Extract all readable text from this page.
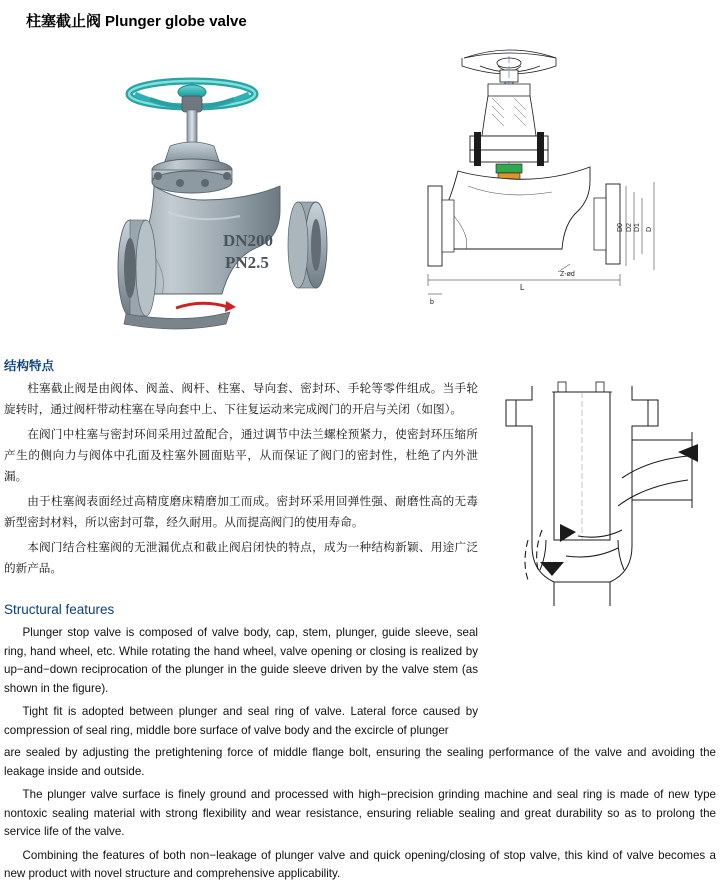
柱塞截止阀 Plunger globe valve
DN200
PN2.5
D0 D2 D1 D
L
b
Z-ød
结构特点

柱塞截止阀是由阀体、阀盖、阀杆、柱塞、导向套、密封环、手轮等零件组成。当手轮旋转时，通过阀杆带动柱塞在导向套中上、下往复运动来完成阀门的开启与关闭（如图）。

在阀门中柱塞与密封环间采用过盈配合，通过调节中法兰螺栓预紧力，使密封环压缩所产生的侧向力与阀体中孔面及柱塞外圆面贴平，从而保证了阀门的密封性，杜绝了内外泄漏。

由于柱塞阀表面经过高精度磨床精磨加工而成。密封环采用回弹性强、耐磨性高的无毒新型密封材料，所以密封可靠，经久耐用。从而提高阀门的使用寿命。

本阀门结合柱塞阀的无泄漏优点和截止阀启闭快的特点，成为一种结构新颖、用途广泛的新产品。

Structural features

Plunger stop valve is composed of valve body, cap, stem, plunger, guide sleeve, seal ring, hand wheel, etc. While rotating the hand wheel, valve opening or closing is realized by up−and−down reciprocation of the plunger in the guide sleeve driven by the valve stem (as shown in the figure).

Tight fit is adopted between plunger and seal ring of valve. Lateral force caused by compression of seal ring, middle bore surface of valve body and the excircle of plunger

are sealed by adjusting the pretightening force of middle flange bolt, ensuring the sealing performance of the valve and avoiding the leakage inside and outside.

The plunger valve surface is finely ground and processed with high−precision grinding machine and seal ring is made of new type nontoxic sealing material with strong flexibility and wear resistance, ensuring reliable sealing and great durability so as to prolong the service life of the valve.

Combining the features of both non−leakage of plunger valve and quick opening/closing of stop valve, this kind of valve becomes a new product with novel structure and comprehensive applicability.
